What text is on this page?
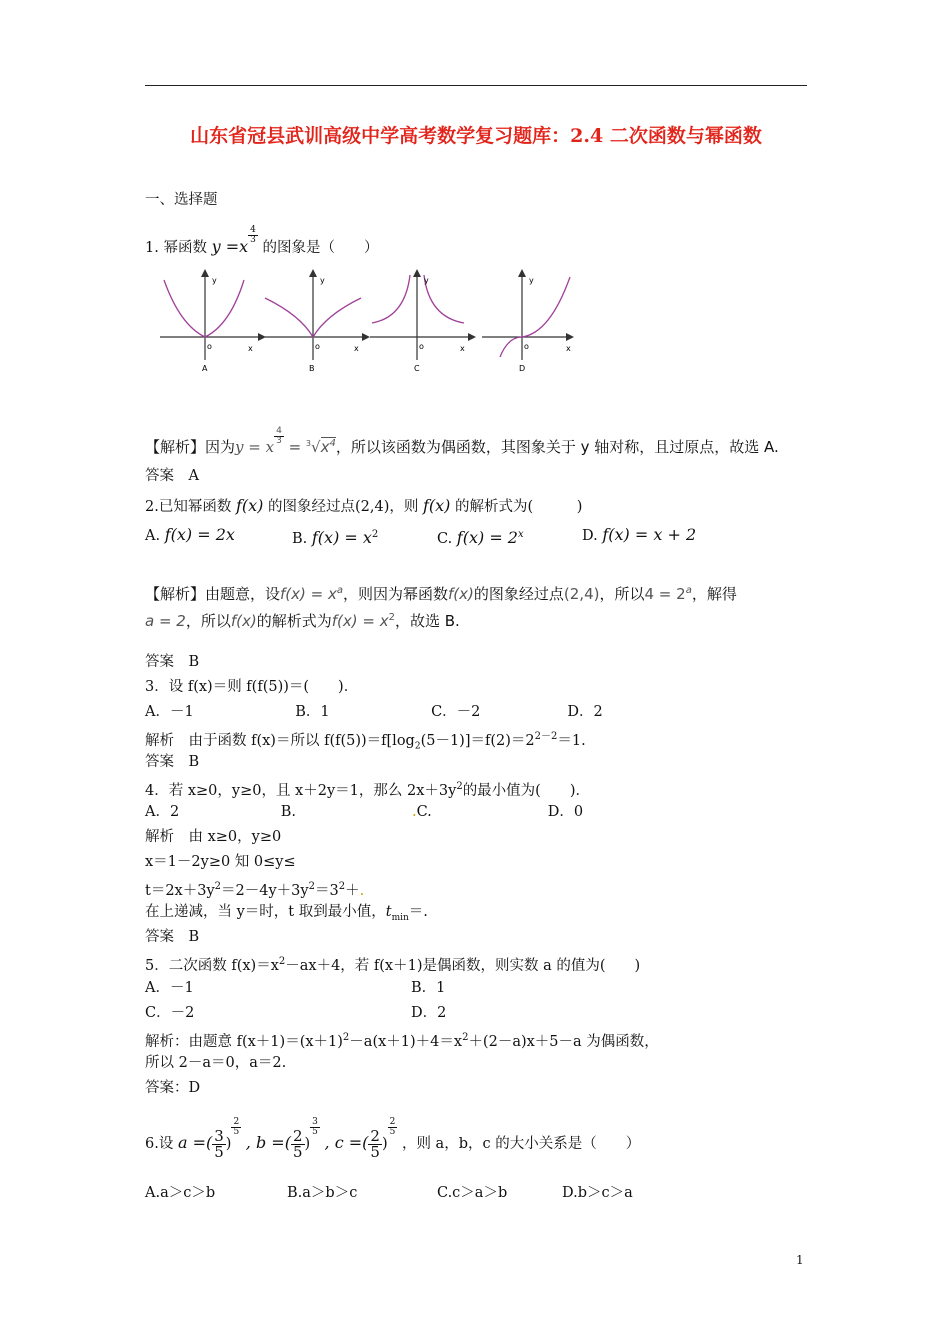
山东省冠县武训高级中学高考数学复习题库：2.4 二次函数与幂函数
一、选择题
1. 幂函数 y =x
$\frac{4}{3}$
的图象是（　　）
y
o	x
A
y
o	x
B
y
o	x
C
y
o	x
D
【解析】因为y = x
$\frac{4}{3}$
= $^3√x^4$，所以该函数为偶函数，其图象关于 y 轴对称，且过原点，故选 A.
答案　A
2.已知幂函数 f(x) 的图象经过点(2,4)，则 f(x) 的解析式为(　　　)
A. f(x) = 2x	B. $f(x) = x^2$	C. $f(x) = 2^x$	D. f(x) = x + 2
【解析】由题意，设$f(x) = x^a$，则因为幂函数f(x)的图象经过点(2,4)，所以$4 = 2^a$，解得
a = 2，所以f(x)的解析式为$f(x) = x^2$，故选 B.
答案　B
3．设 f(x)＝则 f(f(5))＝(　　)．
A．－1　　　　　　　B．1　　　　　　　C．－2　　　　　　D．2
解析　由于函数 f(x)＝所以 $f(f(5))=f[\log_2(5-1)]=f(2)=2^{2-2}=1$.
答案　B
4．若 x≥0，y≥0，且 x＋2y＝1，那么 $2x+3y^2$的最小值为(　　)．
A．2　　　　　　　B.　　　　　　　　.C.　　　　　　　　D．0
解析　由 x≥0，y≥0
x＝1－2y≥0 知 0≤y≤
$t=2x+3y^2=2-4y+3y^2=3^2+$.
在上递减，当 y＝时，t 取到最小值，$t_{min}=$.
答案　B
5．二次函数 $f(x)=x^2-ax+4$，若 f(x＋1)是偶函数，则实数 a 的值为(　　)
A．－1	B．1
C．－2	D．2
解析：由题意 $f(x+1)=(x+1)^2-a(x+1)+4=x^2+(2-a)x+5-a$ 为偶函数，
所以 2－a＝0，a＝2.
答案：D
6.设 a =( $\frac{3}{5}$ )
$\frac{2}{5}$
, b =( $\frac{2}{5}$ )
$\frac{3}{5}$
, c =( $\frac{2}{5}$ )
$\frac{2}{5}$
，则 a，b，c 的大小关系是（　　）
A.a＞c＞b	B.a＞b＞c	C.c＞a＞b	D.b＞c＞a
1
